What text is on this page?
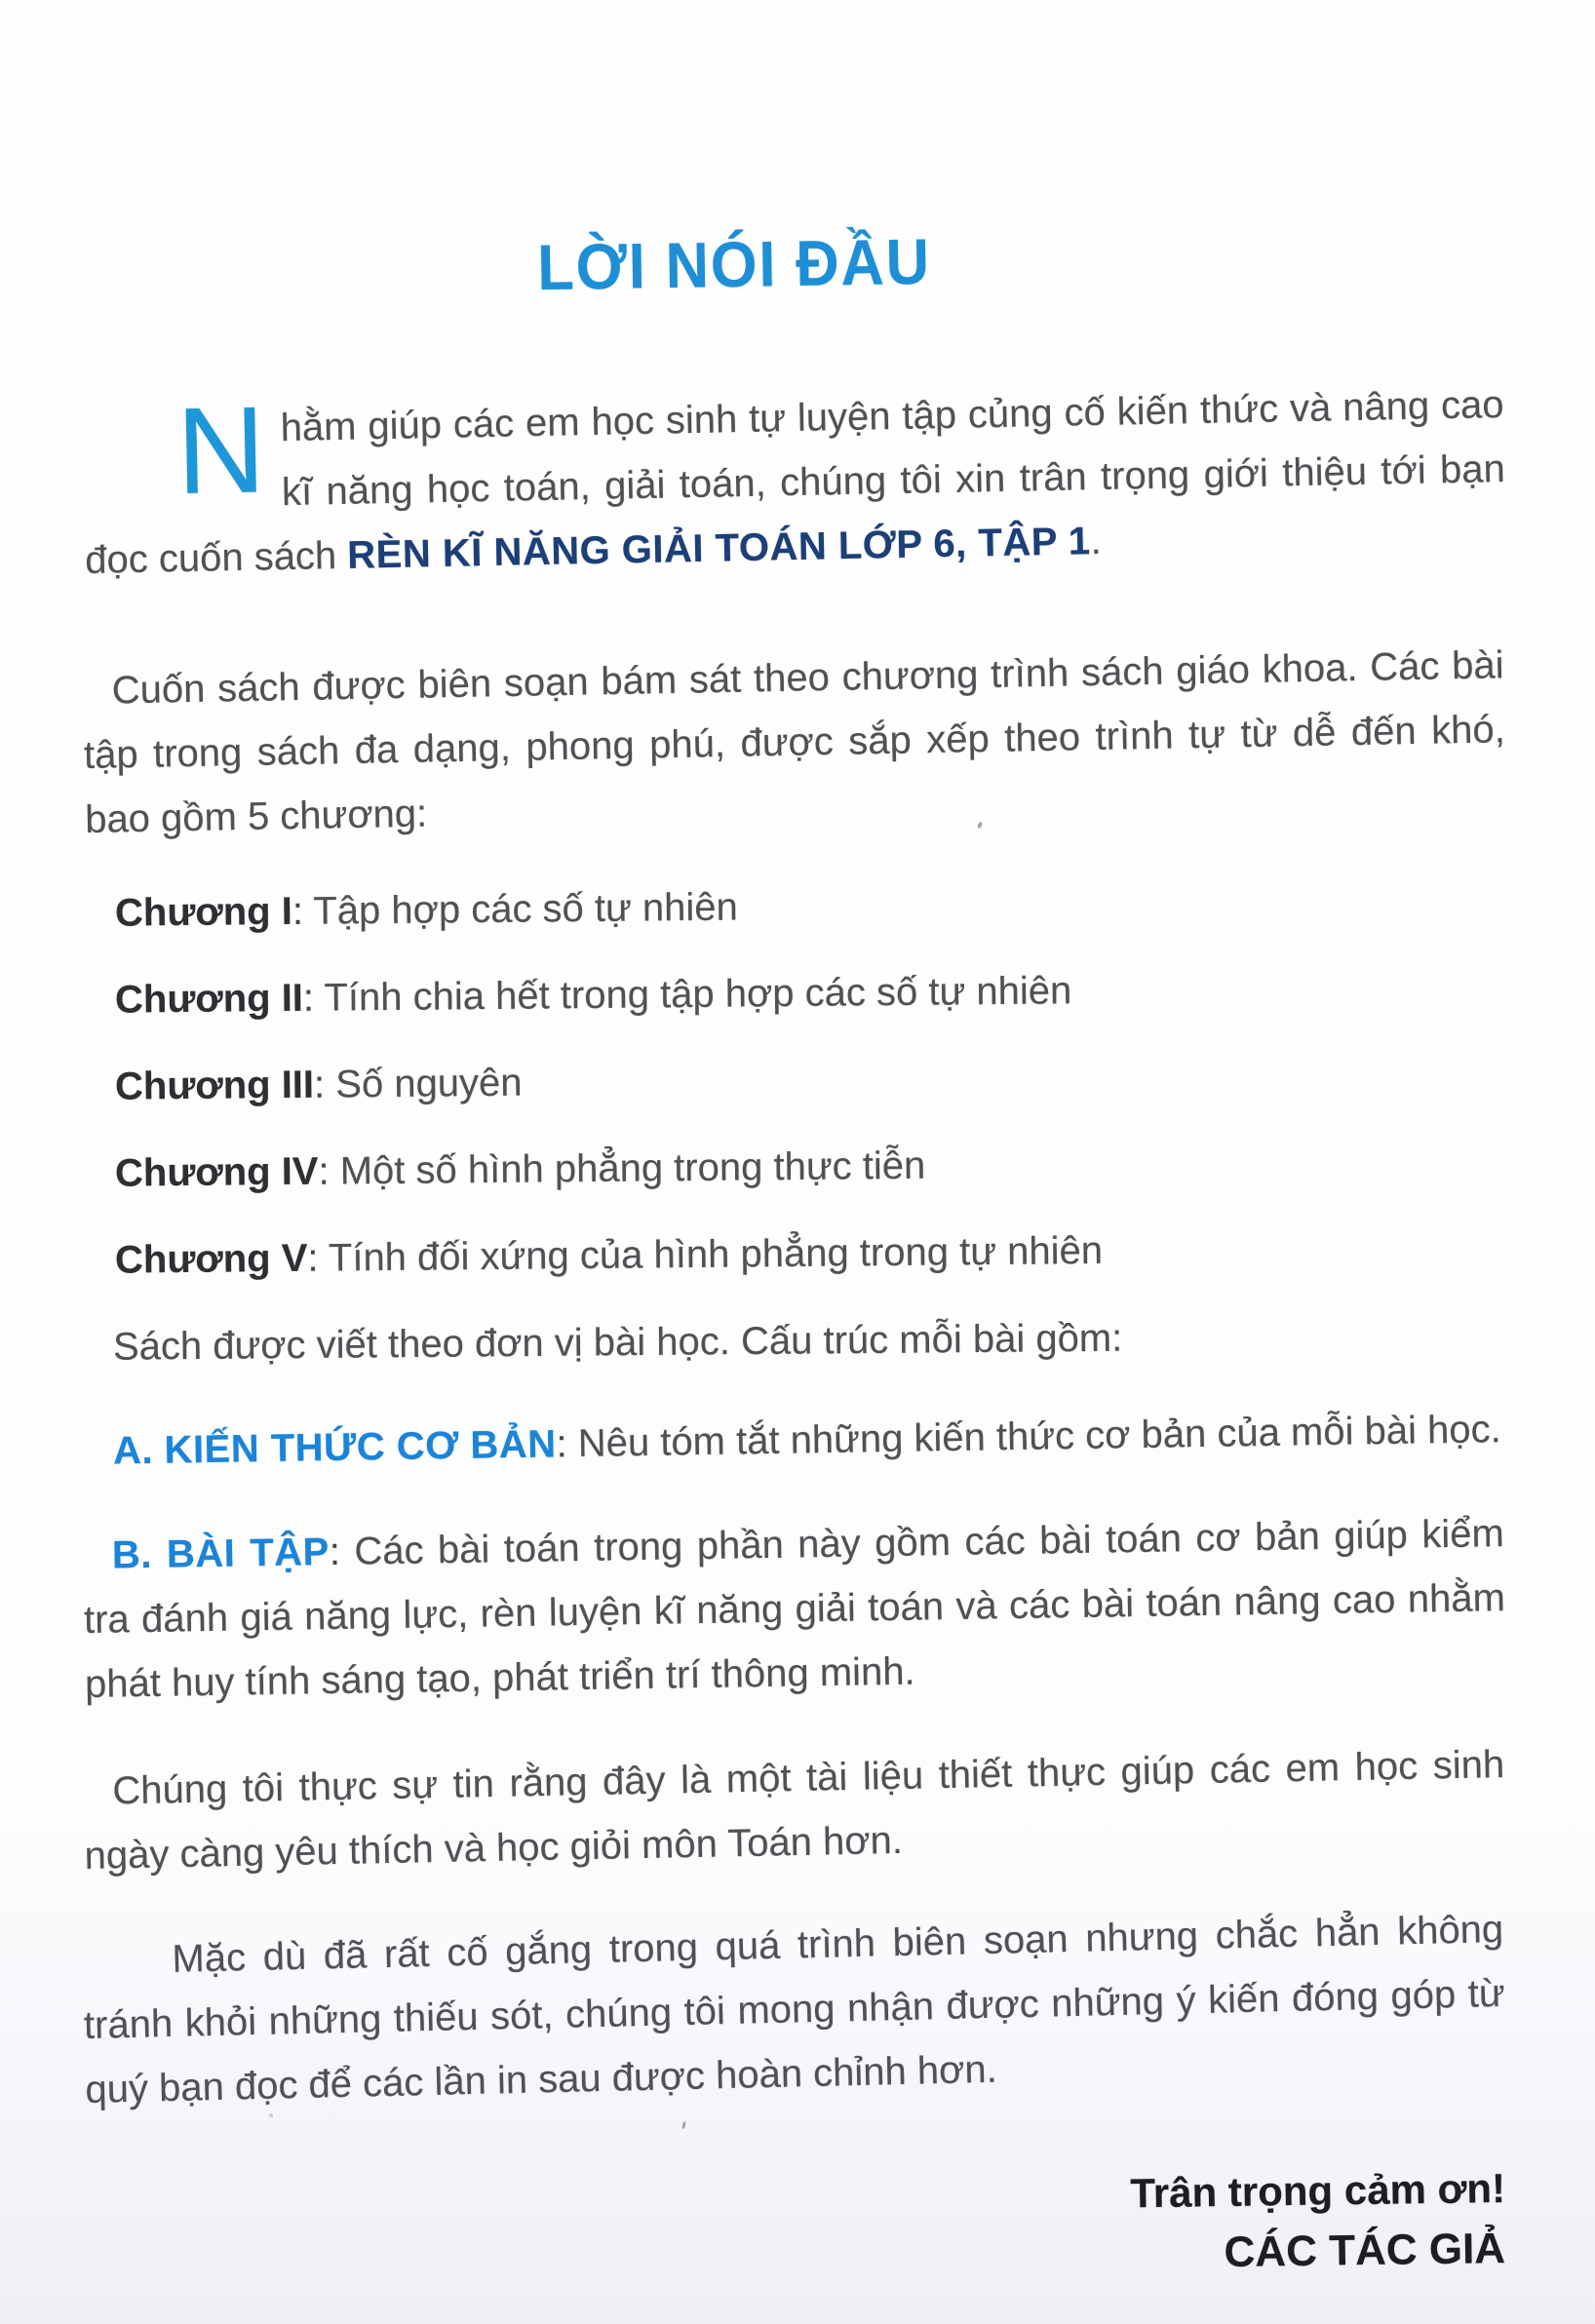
LỜI NÓI ĐẦU

N hằm giúp các em học sinh tự luyện tập củng cố kiến thức và nâng cao kĩ năng học toán, giải toán, chúng tôi xin trân trọng giới thiệu tới bạn đọc cuốn sách RÈN KĨ NĂNG GIẢI TOÁN LỚP 6, TẬP 1.

Cuốn sách được biên soạn bám sát theo chương trình sách giáo khoa. Các bài tập trong sách đa dạng, phong phú, được sắp xếp theo trình tự từ dễ đến khó, bao gồm 5 chương:

Chương I: Tập hợp các số tự nhiên

Chương II: Tính chia hết trong tập hợp các số tự nhiên

Chương III: Số nguyên

Chương IV: Một số hình phẳng trong thực tiễn

Chương V: Tính đối xứng của hình phẳng trong tự nhiên

Sách được viết theo đơn vị bài học. Cấu trúc mỗi bài gồm:

A. KIẾN THỨC CƠ BẢN: Nêu tóm tắt những kiến thức cơ bản của mỗi bài học.

B. BÀI TẬP: Các bài toán trong phần này gồm các bài toán cơ bản giúp kiểm tra đánh giá năng lực, rèn luyện kĩ năng giải toán và các bài toán nâng cao nhằm phát huy tính sáng tạo, phát triển trí thông minh.

Chúng tôi thực sự tin rằng đây là một tài liệu thiết thực giúp các em học sinh ngày càng yêu thích và học giỏi môn Toán hơn.

Mặc dù đã rất cố gắng trong quá trình biên soạn nhưng chắc hẳn không tránh khỏi những thiếu sót, chúng tôi mong nhận được những ý kiến đóng góp từ quý bạn đọc để các lần in sau được hoàn chỉnh hơn.

Trân trọng cảm ơn!

CÁC TÁC GIẢ
